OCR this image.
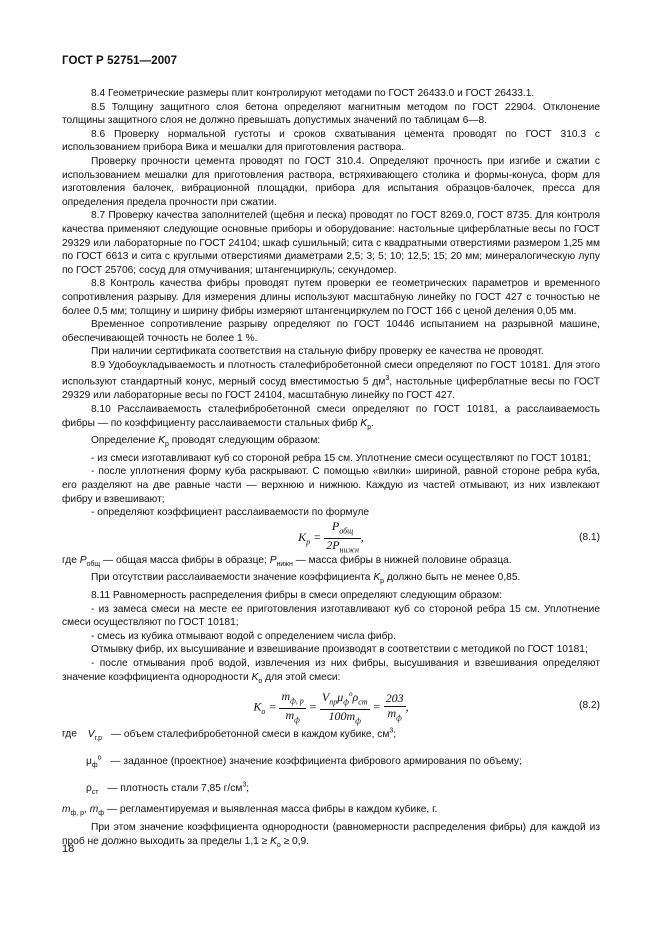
ГОСТ Р 52751—2007

8.4 Геометрические размеры плит контролируют методами по ГОСТ 26433.0 и ГОСТ 26433.1.

8.5 Толщину защитного слоя бетона определяют магнитным методом по ГОСТ 22904. Отклонение толщины защитного слоя не должно превышать допустимых значений по таблицам 6—8.

8.6 Проверку нормальной густоты и сроков схватывания цемента проводят по ГОСТ 310.3 с использованием прибора Вика и мешалки для приготовления раствора.

Проверку прочности цемента проводят по ГОСТ 310.4. Определяют прочность при изгибе и сжатии с использованием мешалки для приготовления раствора, встряхивающего столика и формы-конуса, форм для изготовления балочек, вибрационной площадки, прибора для испытания образцов-балочек, пресса для определения предела прочности при сжатии.

8.7 Проверку качества заполнителей (щебня и песка) проводят по ГОСТ 8269.0, ГОСТ 8735. Для контроля качества применяют следующие основные приборы и оборудование: настольные циферблатные весы по ГОСТ 29329 или лабораторные по ГОСТ 24104; шкаф сушильный; сита с квадратными отверстиями размером 1,25 мм по ГОСТ 6613 и сита с круглыми отверстиями диаметрами 2,5; 3; 5; 10; 12,5; 15; 20 мм; минералогическую лупу по ГОСТ 25706; сосуд для отмучивания; штангенциркуль; секундомер.

8.8 Контроль качества фибры проводят путем проверки ее геометрических параметров и временного сопротивления разрыву. Для измерения длины используют масштабную линейку по ГОСТ 427 с точностью не более 0,5 мм; толщину и ширину фибры измеряют штангенциркулем по ГОСТ 166 с ценой деления 0,05 мм.

Временное сопротивление разрыву определяют по ГОСТ 10446 испытанием на разрывной машине, обеспечивающей точность не более 1 %.

При наличии сертификата соответствия на стальную фибру проверку ее качества не проводят.

8.9 Удобоукладываемость и плотность сталефибробетонной смеси определяют по ГОСТ 10181. Для этого используют стандартный конус, мерный сосуд вместимостью 5 $дм^3$, настольные циферблатные весы по ГОСТ 29329 или лабораторные весы по ГОСТ 24104, масштабную линейку по ГОСТ 427.

8.10 Расслаиваемость сталефибробетонной смеси определяют по ГОСТ 10181, а расслаиваемость фибры — по коэффициенту расслаиваемости стальных фибр $K_р$.

Определение $K_р$ проводят следующим образом:

- из смеси изготавливают куб со стороной ребра 15 см. Уплотнение смеси осуществляют по ГОСТ 10181;

- после уплотнения форму куба раскрывают. С помощью «вилки» шириной, равной стороне ребра куба, его разделяют на две равные части — верхнюю и нижнюю. Каждую из частей отмывают, из них извлекают фибру и взвешивают;

- определяют коэффициент расслаиваемости по формуле

$K_р = \frac{P_{общ}}{2P_{нижн}}$ ,	(8.1)

где $P_{общ}$ — общая масса фибры в образце; $P_{нижн}$ — масса фибры в нижней половине образца.

При отсутствии расслаиваемости значение коэффициента $K_р$ должно быть не менее 0,85.

8.11 Равномерность распределения фибры в смеси определяют следующим образом:

- из замеса смеси на месте ее приготовления изготавливают куб со стороной ребра 15 см. Уплотнение смеси осуществляют по ГОСТ 10181;

- смесь из кубика отмывают водой с определением числа фибр.

Отмывку фибр, их высушивание и взвешивание производят в соответствии с методикой по ГОСТ 10181;

- после отмывания проб водой, извлечения из них фибры, высушивания и взвешивания определяют значение коэффициента однородности $K_о$ для этой смеси:

$K_о = \frac{m_{ф, р}}{m_ф} = \frac{V_{пр}\mu_ф^о\rho_{ст}}{100m_ф} = \frac{203}{m_ф}$ ,	(8.2)
где $V_{г.р}$ — объем сталефибробетонной смеси в каждом кубике, $см^3$;
$\mu_ф^о$ — заданное (проектное) значение коэффициента фибрового армирования по объему;
$\rho_{ст}$ — плотность стали 7,85 $г/см^3$;
$m_{ф, р}$, $m_ф$ — регламентируемая и выявленная масса фибры в каждом кубике, г.

При этом значение коэффициента однородности (равномерности распределения фибры) для каждой из проб не должно выходить за пределы $1,1 \ge K_о \ge 0,9$.

18
